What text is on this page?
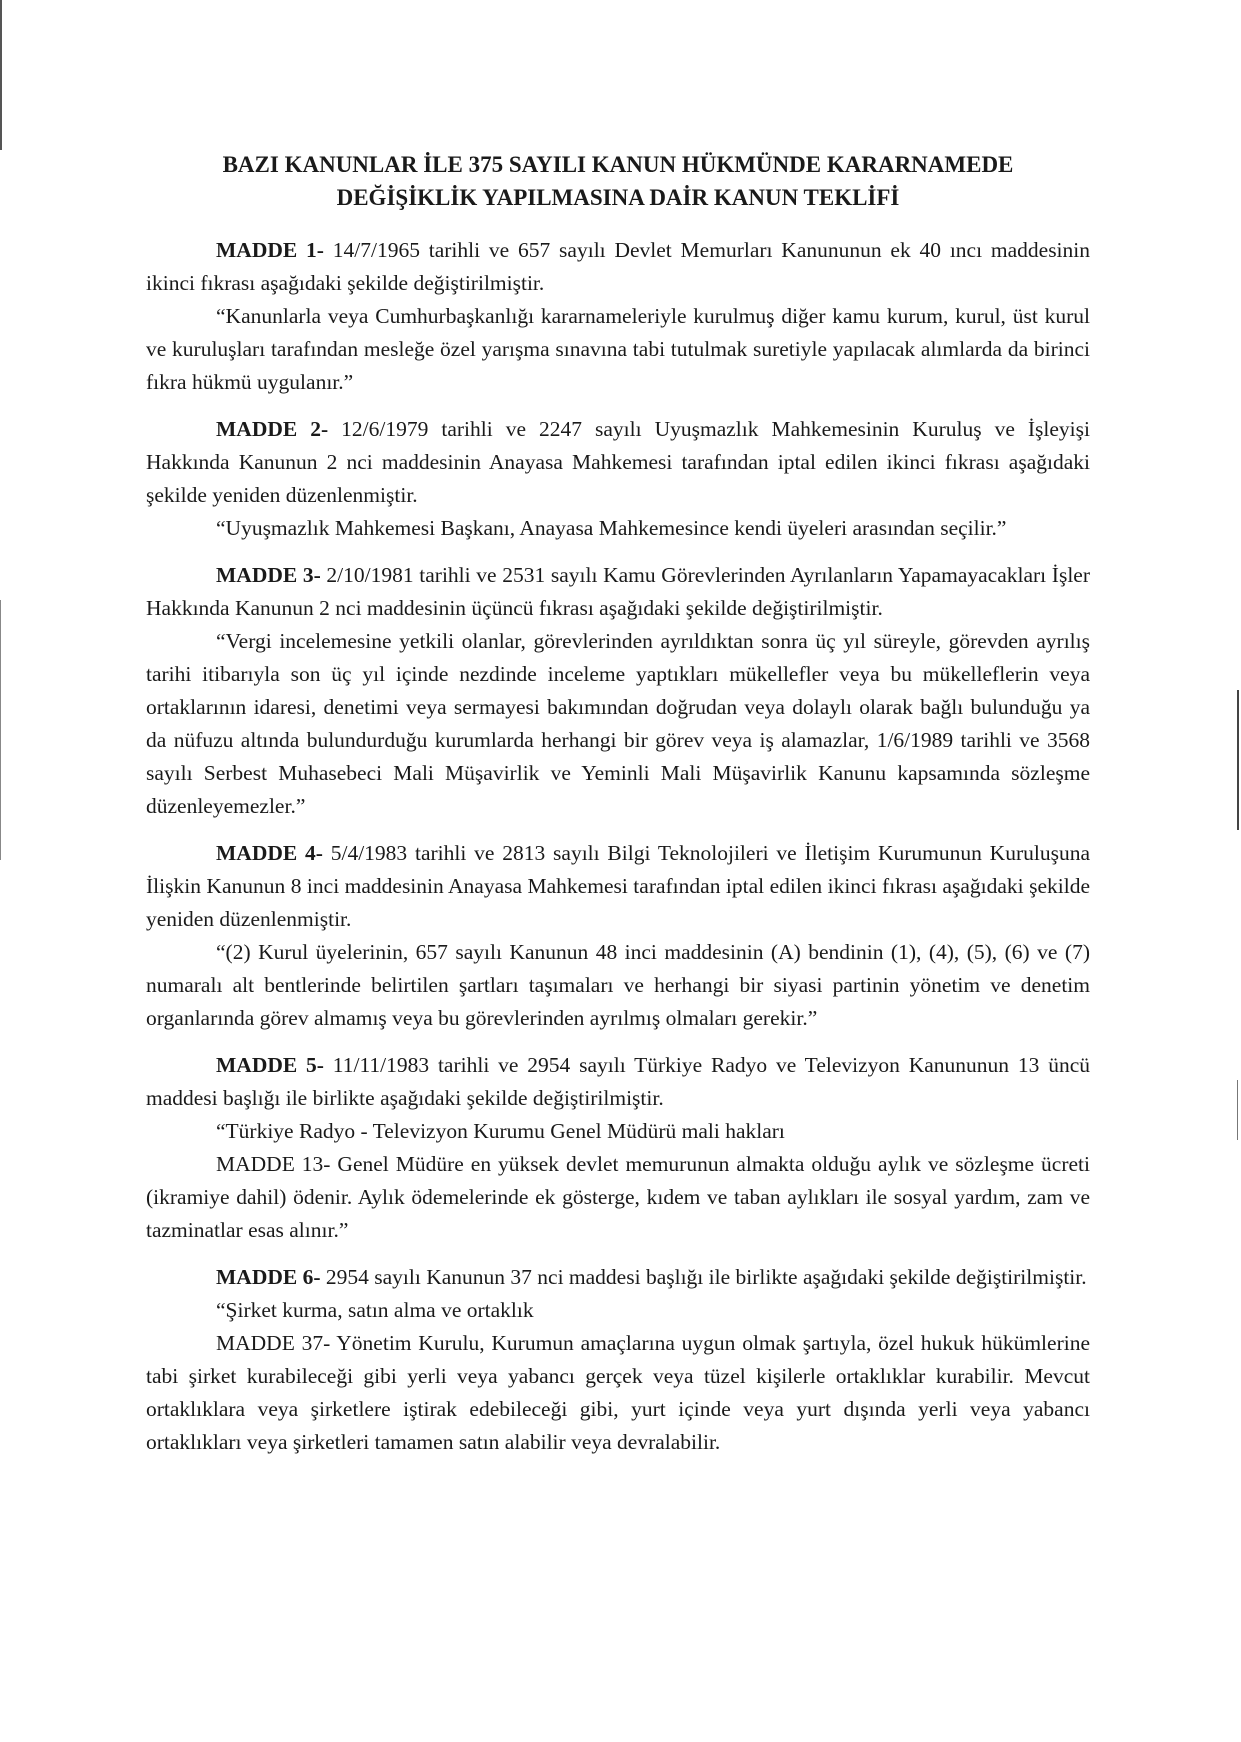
BAZI KANUNLAR İLE 375 SAYILI KANUN HÜKMÜNDE KARARNAMEDE
DEĞİŞİKLİK YAPILMASINA DAİR KANUN TEKLİFİ

MADDE 1- 14/7/1965 tarihli ve 657 sayılı Devlet Memurları Kanununun ek 40 ıncı maddesinin ikinci fıkrası aşağıdaki şekilde değiştirilmiştir.

“Kanunlarla veya Cumhurbaşkanlığı kararnameleriyle kurulmuş diğer kamu kurum, kurul, üst kurul ve kuruluşları tarafından mesleğe özel yarışma sınavına tabi tutulmak suretiyle yapılacak alımlarda da birinci fıkra hükmü uygulanır.”

MADDE 2- 12/6/1979 tarihli ve 2247 sayılı Uyuşmazlık Mahkemesinin Kuruluş ve İşleyişi Hakkında Kanunun 2 nci maddesinin Anayasa Mahkemesi tarafından iptal edilen ikinci fıkrası aşağıdaki şekilde yeniden düzenlenmiştir.

“Uyuşmazlık Mahkemesi Başkanı, Anayasa Mahkemesince kendi üyeleri arasından seçilir.”

MADDE 3- 2/10/1981 tarihli ve 2531 sayılı Kamu Görevlerinden Ayrılanların Yapamayacakları İşler Hakkında Kanunun 2 nci maddesinin üçüncü fıkrası aşağıdaki şekilde değiştirilmiştir.

“Vergi incelemesine yetkili olanlar, görevlerinden ayrıldıktan sonra üç yıl süreyle, görevden ayrılış tarihi itibarıyla son üç yıl içinde nezdinde inceleme yaptıkları mükellefler veya bu mükelleflerin veya ortaklarının idaresi, denetimi veya sermayesi bakımından doğrudan veya dolaylı olarak bağlı bulunduğu ya da nüfuzu altında bulundurduğu kurumlarda herhangi bir görev veya iş alamazlar, 1/6/1989 tarihli ve 3568 sayılı Serbest Muhasebeci Mali Müşavirlik ve Yeminli Mali Müşavirlik Kanunu kapsamında sözleşme düzenleyemezler.”

MADDE 4- 5/4/1983 tarihli ve 2813 sayılı Bilgi Teknolojileri ve İletişim Kurumunun Kuruluşuna İlişkin Kanunun 8 inci maddesinin Anayasa Mahkemesi tarafından iptal edilen ikinci fıkrası aşağıdaki şekilde yeniden düzenlenmiştir.

“(2) Kurul üyelerinin, 657 sayılı Kanunun 48 inci maddesinin (A) bendinin (1), (4), (5), (6) ve (7) numaralı alt bentlerinde belirtilen şartları taşımaları ve herhangi bir siyasi partinin yönetim ve denetim organlarında görev almamış veya bu görevlerinden ayrılmış olmaları gerekir.”

MADDE 5- 11/11/1983 tarihli ve 2954 sayılı Türkiye Radyo ve Televizyon Kanununun 13 üncü maddesi başlığı ile birlikte aşağıdaki şekilde değiştirilmiştir.

“Türkiye Radyo - Televizyon Kurumu Genel Müdürü mali hakları

MADDE 13- Genel Müdüre en yüksek devlet memurunun almakta olduğu aylık ve sözleşme ücreti (ikramiye dahil) ödenir. Aylık ödemelerinde ek gösterge, kıdem ve taban aylıkları ile sosyal yardım, zam ve tazminatlar esas alınır.”

MADDE 6- 2954 sayılı Kanunun 37 nci maddesi başlığı ile birlikte aşağıdaki şekilde değiştirilmiştir.

“Şirket kurma, satın alma ve ortaklık

MADDE 37- Yönetim Kurulu, Kurumun amaçlarına uygun olmak şartıyla, özel hukuk hükümlerine tabi şirket kurabileceği gibi yerli veya yabancı gerçek veya tüzel kişilerle ortaklıklar kurabilir. Mevcut ortaklıklara veya şirketlere iştirak edebileceği gibi, yurt içinde veya yurt dışında yerli veya yabancı ortaklıkları veya şirketleri tamamen satın alabilir veya devralabilir.
